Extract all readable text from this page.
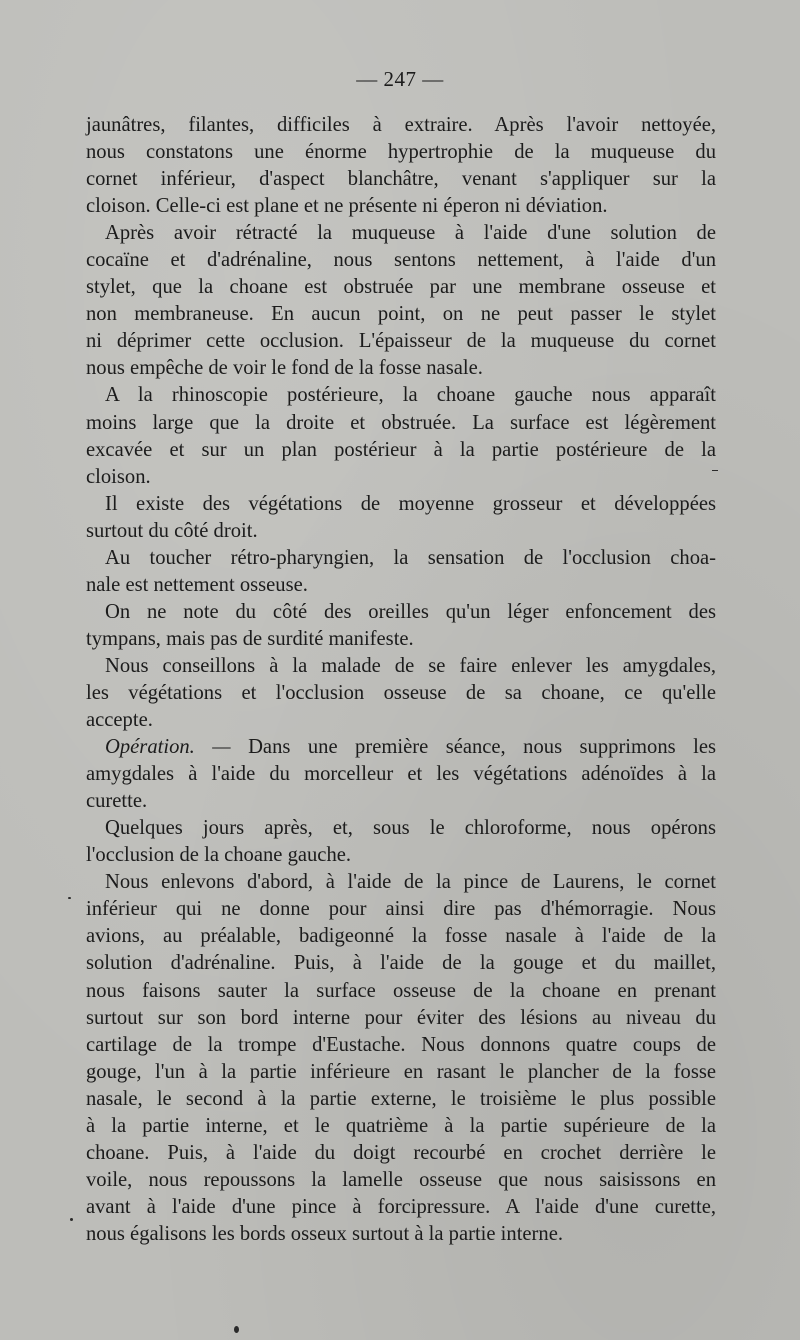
— 247 —
jaunâtres, filantes, difficiles à extraire. Après l'avoir nettoyée,
nous constatons une énorme hypertrophie de la muqueuse du
cornet inférieur, d'aspect blanchâtre, venant s'appliquer sur la
cloison. Celle-ci est plane et ne présente ni éperon ni déviation.
Après avoir rétracté la muqueuse à l'aide d'une solution de
cocaïne et d'adrénaline, nous sentons nettement, à l'aide d'un
stylet, que la choane est obstruée par une membrane osseuse et
non membraneuse. En aucun point, on ne peut passer le stylet
ni déprimer cette occlusion. L'épaisseur de la muqueuse du cornet
nous empêche de voir le fond de la fosse nasale.
A la rhinoscopie postérieure, la choane gauche nous apparaît
moins large que la droite et obstruée. La surface est légèrement
excavée et sur un plan postérieur à la partie postérieure de la
cloison.
Il existe des végétations de moyenne grosseur et développées
surtout du côté droit.
Au toucher rétro-pharyngien, la sensation de l'occlusion choa-
nale est nettement osseuse.
On ne note du côté des oreilles qu'un léger enfoncement des
tympans, mais pas de surdité manifeste.
Nous conseillons à la malade de se faire enlever les amygdales,
les végétations et l'occlusion osseuse de sa choane, ce qu'elle
accepte.
Opération. — Dans une première séance, nous supprimons les
amygdales à l'aide du morcelleur et les végétations adénoïdes à la
curette.
Quelques jours après, et, sous le chloroforme, nous opérons
l'occlusion de la choane gauche.
Nous enlevons d'abord, à l'aide de la pince de Laurens, le cornet
inférieur qui ne donne pour ainsi dire pas d'hémorragie. Nous
avions, au préalable, badigeonné la fosse nasale à l'aide de la
solution d'adrénaline. Puis, à l'aide de la gouge et du maillet,
nous faisons sauter la surface osseuse de la choane en prenant
surtout sur son bord interne pour éviter des lésions au niveau du
cartilage de la trompe d'Eustache. Nous donnons quatre coups de
gouge, l'un à la partie inférieure en rasant le plancher de la fosse
nasale, le second à la partie externe, le troisième le plus possible
à la partie interne, et le quatrième à la partie supérieure de la
choane. Puis, à l'aide du doigt recourbé en crochet derrière le
voile, nous repoussons la lamelle osseuse que nous saisissons en
avant à l'aide d'une pince à forcipressure. A l'aide d'une curette,
nous égalisons les bords osseux surtout à la partie interne.
